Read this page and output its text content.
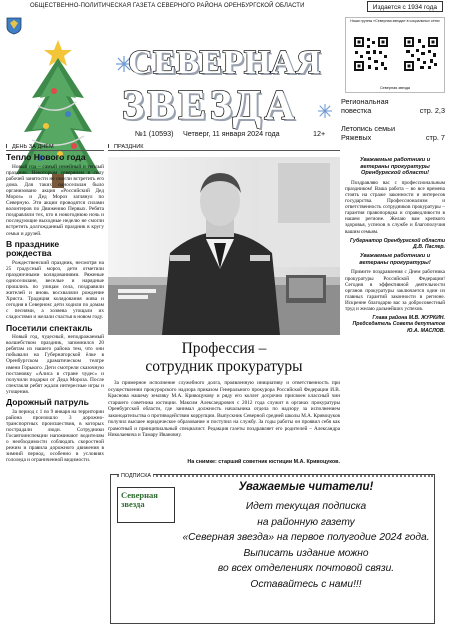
ОБЩЕСТВЕННО-ПОЛИТИЧЕСКАЯ ГАЗЕТА СЕВЕРНОГО РАЙОНА ОРЕНБУРГСКОЙ ОБЛАСТИ	Издается с 1934 года
СЕВЕРНАЯ
ЗВЕЗДА
Наши группы «Северная звезда» в социальных сетях
Северная звезда
Региональная
повестка	стр. 2,3
Летопись семьи
Ряжевых	стр. 7
№1 (10593) Четверг, 11 января 2024 года	12+
ДЕНЬ ЗА ДНЁМ	ПРАЗДНИК
Тепло Нового года

Новый год – самый семейный и теплый праздник. Некоторым северянам в силу рабочей занятости не смогли встретить его дома. Для таких односельчан было организовано акция «Российский Дед Мороз» и Дед Мороз заглянул по Северную. Эти акции проводятся силами волонтеров по Движению Первых. Ребята поздравляли тех, кто в новогоднюю ночь и последующие выходные неделю не смогли встретить долгожданный праздник в кругу семьи и друзей.

В празднике рождества

Рождественский праздник, несмотря на 25 градусный мороз, дети отметили праздничными колядованиями. Ряженые односельчане, веселые и нарядные прошлись по улицам села, поздравили жителей и вновь восхваляли рождение Христа. Традиция колядования жива и сегодня в Северном: дети ходили по домам с песнями, а хозяева угощали их сладостями и желали счастья в новом году.

Посетили спектакль

Новый год, чудесный, неподражаемый волшебством праздник, запомнился 20 ребятам из нашего района тем, что они побывали на Губернаторской ёлке в Оренбургском драматическом театре имени Горького. Дети смотрели сказочную постановку «Алиса в стране чудес» и получили подарки от Деда Мороза. После спектакля ребят ждали интересные игры и угощения.

Дорожный патруль

За период с 1 по 9 января на территории района произошло 3 дорожно-транспортных происшествия, в которых пострадали люди. Сотрудники Госавтоинспекции напоминают водителям о необходимости соблюдать скоростной режим и правила дорожного движения в зимний период, особенно в условиях гололеда и ограниченной видимости.

Профессия –
сотрудник прокуратуры

За примерное исполнение служебного долга, проявленную инициативу и ответственность при осуществлении прокурорского надзора приказом Генерального прокурора Российской Федерации И.В. Краснова нашему земляку М.А. Кривоцукову и ряду его коллег досрочно присвоен классный чин старшего советника юстиции. Максим Александрович с 2012 года служит в органах прокуратуры Оренбургской области, где занимал должность начальника отдела по надзору за исполнением законодательства о противодействии коррупции. Выпускник Северной средней школы М.А. Кривоцуков получил высшее юридическое образование и поступил на службу. За годы работы он проявил себя как грамотный и принципиальный специалист. Редакция газеты поздравляет его родителей – Александра Николаевича и Тамару Ивановну.

На снимке: старший советник юстиции М.А. Кривоцуков.
ПОДПИСКА
Северная звезда
Уважаемые читатели!
Идет текущая подписка
на районную газету
«Северная звезда» на первое полугодие 2024 года.
Выписать издание можно
во всех отделениях почтовой связи.
Оставайтесь с нами!!!
Уважаемые работники и ветераны прокуратуры Оренбургской области!

Поздравляю вас с профессиональным праздником! Ваша работа – во все времена стоять на страже законности и интересов государства. Профессионализм и ответственность сотрудников прокуратуры – гарантия правопорядка и справедливости в нашем регионе. Желаю вам крепкого здоровья, успехов в службе и благополучия вашим семьям.

Губернатор Оренбургской области Д.В. Паслер.
Уважаемые работники и ветераны прокуратуры!

Примите поздравления с Днем работника прокуратуры Российской Федерации! Сегодня в эффективной деятельности органов прокуратуры заключается один из главных гарантий законности в регионе. Искренне благодарю вас за добросовестный труд и желаю дальнейших успехов.

Глава района М.В. ЖУРКИН. Председатель Совета депутатов Ю.А. МАСЛОВ.
